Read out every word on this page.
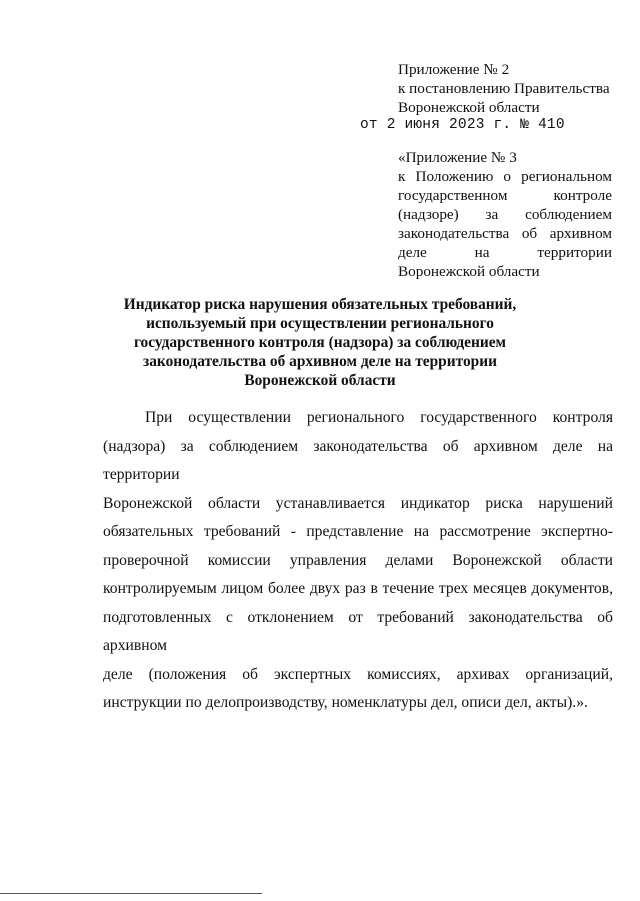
Приложение № 2
к постановлению Правительства
Воронежской области
от 2 июня 2023 г. № 410
«Приложение № 3
к Положению о региональном
государственном контроле
(надзоре) за соблюдением
законодательства об архивном
деле на территории
Воронежской области
Индикатор риска нарушения обязательных требований,
используемый при осуществлении регионального
государственного контроля (надзора) за соблюдением
законодательства об архивном деле на территории
Воронежской области
При осуществлении регионального государственного контроля
(надзора) за соблюдением законодательства об архивном деле на территории
Воронежской области устанавливается индикатор риска нарушений
обязательных требований - представление на рассмотрение экспертно-
проверочной комиссии управления делами Воронежской области
контролируемым лицом более двух раз в течение трех месяцев документов,
подготовленных с отклонением от требований законодательства об архивном
деле (положения об экспертных комиссиях, архивах организаций,
инструкции по делопроизводству, номенклатуры дел, описи дел, акты).».
